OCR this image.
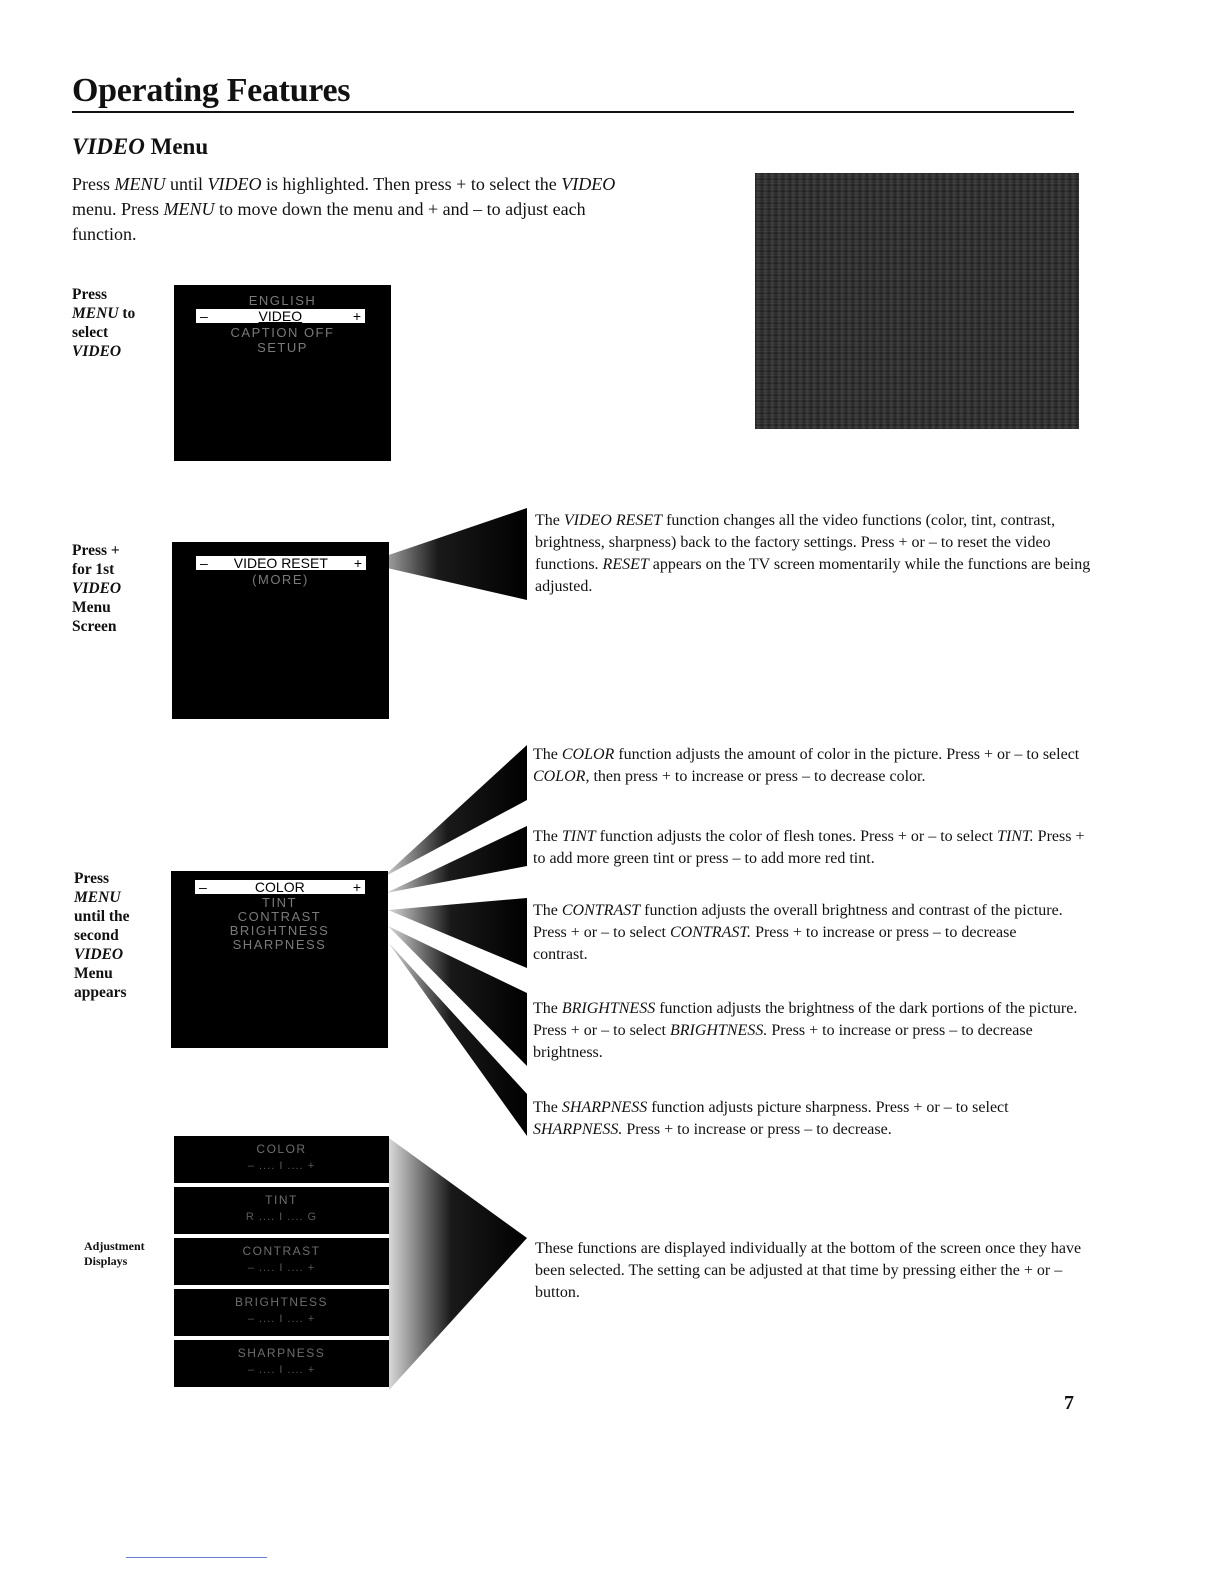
Operating Features
VIDEO Menu
Press MENU until VIDEO is highlighted. Then press + to select the VIDEO menu. Press MENU to move down the menu and + and – to adjust each function.
Press
MENU to
select
VIDEO
ENGLISH
–	VIDEO	+
CAPTION OFF
SETUP
Press +
for 1st
VIDEO
Menu
Screen
–	VIDEO RESET	+
(MORE)
Press
MENU
until the
second
VIDEO
Menu
appears
–	COLOR	+
TINT
CONTRAST
BRIGHTNESS
SHARPNESS
The VIDEO RESET function changes all the video functions (color, tint, contrast, brightness, sharpness) back to the factory settings. Press + or – to reset the video functions. RESET appears on the TV screen momentarily while the functions are being adjusted.
The COLOR function adjusts the amount of color in the picture. Press + or – to select COLOR, then press + to increase or press – to decrease color.
The TINT function adjusts the color of flesh tones. Press + or – to select TINT. Press + to add more green tint or press – to add more red tint.
The CONTRAST function adjusts the overall brightness and contrast of the picture. Press + or – to select CONTRAST. Press + to increase or press – to decrease contrast.
The BRIGHTNESS function adjusts the brightness of the dark portions of the picture. Press + or – to select BRIGHTNESS. Press + to increase or press – to decrease brightness.
The SHARPNESS function adjusts picture sharpness. Press + or – to select SHARPNESS. Press + to increase or press – to decrease.
Adjustment
Displays
COLOR
– .... I .... +
TINT
R .... I .... G
CONTRAST
– .... I .... +
BRIGHTNESS
– .... I .... +
SHARPNESS
– .... I .... +
These functions are displayed individually at the bottom of the screen once they have been selected. The setting can be adjusted at that time by pressing either the + or – button.
7
